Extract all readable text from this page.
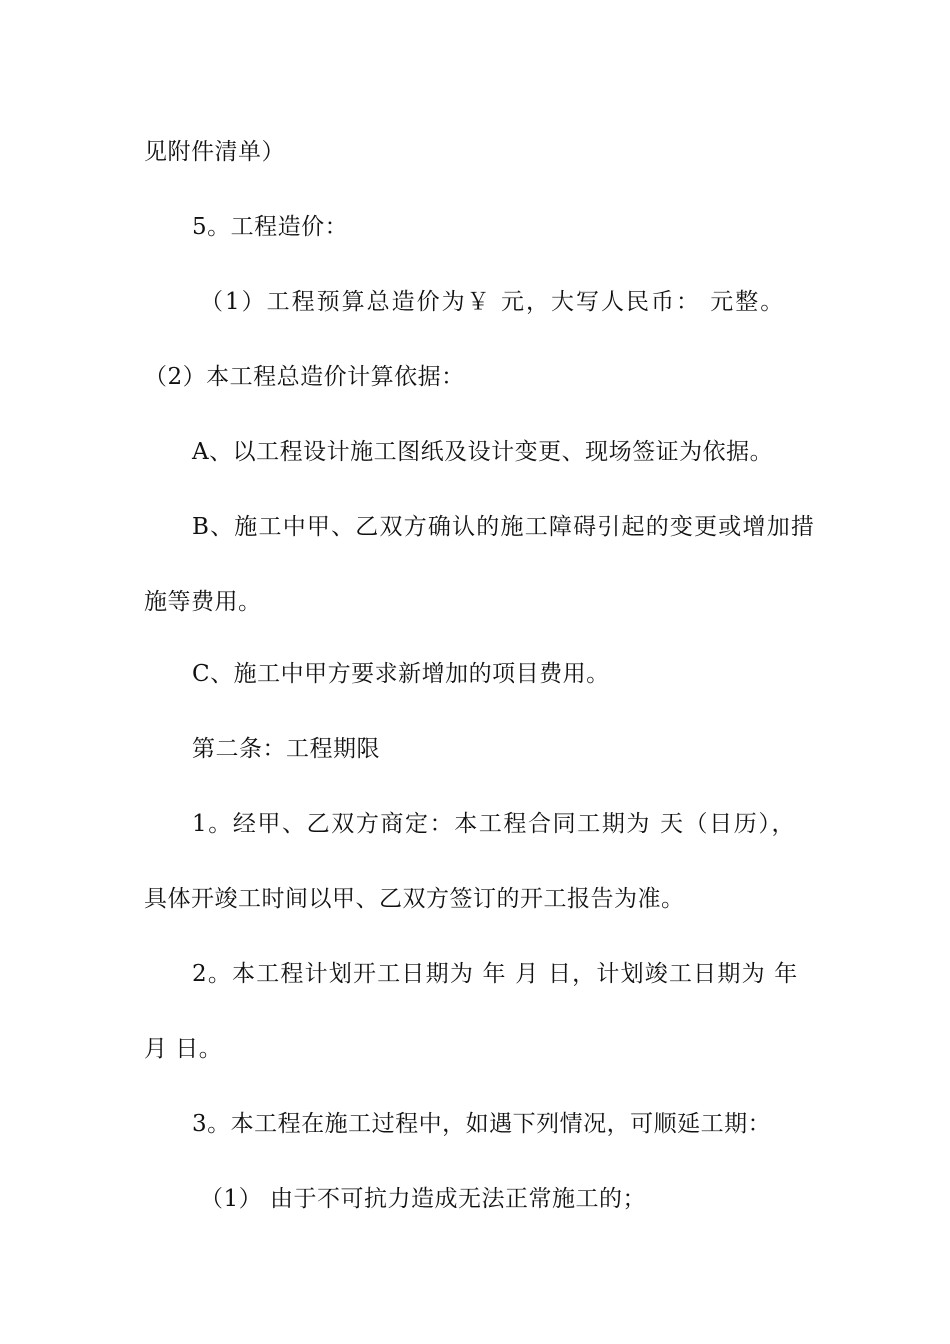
见附件清单）
5。工程造价：
（1）工程预算总造价为￥ 元，大写人民币： 元整。
（2）本工程总造价计算依据：
A、以工程设计施工图纸及设计变更、现场签证为依据。
B、施工中甲、乙双方确认的施工障碍引起的变更或增加措
施等费用。
C、施工中甲方要求新增加的项目费用。
第二条：工程期限
1。经甲、乙双方商定：本工程合同工期为 天（日历），
具体开竣工时间以甲、乙双方签订的开工报告为准。
2。本工程计划开工日期为 年 月 日，计划竣工日期为 年
月 日。
3。本工程在施工过程中，如遇下列情况，可顺延工期：
（1） 由于不可抗力造成无法正常施工的；
